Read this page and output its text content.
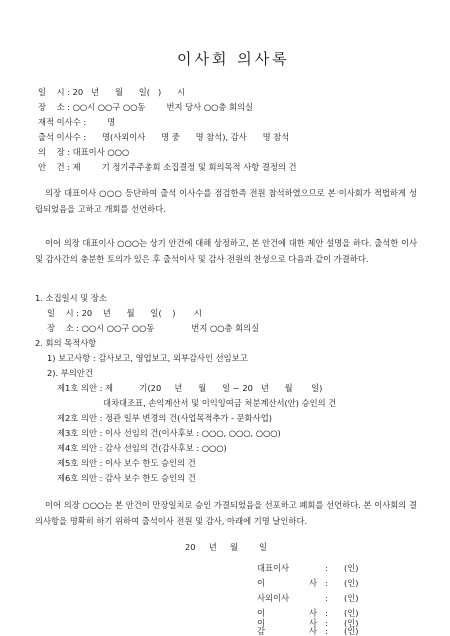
이사회 의사록
일    시 : 20   년      월      일(   )      시
장    소 : ○○시 ○○구 ○○동        번지 당사 ○○층 회의실
재적 이사수 :        명
출석 이사수 :      명(사외이사      명 중      명 참석), 감사      명 참석
의    장 : 대표이사 ○○○
안    건 : 제        기 정기주주총회 소집결정 및 회의목적 사항 결정의 건
의장 대표이사 ○○○ 등단하여 출석 이사수를 점검한즉 전원 참석하였으므로 본 이사회가 적법하게 성립되었음을 고하고 개회를 선언하다.
이어 의장 대표이사 ○○○는 상기 안건에 대해 상정하고, 본 안건에 대한 제안 설명을 하다. 출석한 이사 및 감사간의 충분한 토의가 있은 후 출석이사 및 감사 전원의 찬성으로 다음과 같이 가결하다.
1. 소집일시 및 장소
일    시 : 20    년      월      일(    )       시
장    소 : ○○시 ○○구 ○○동              번지 ○○층 회의실
2. 회의 목적사항
1) 보고사항 : 감사보고, 영업보고, 외부감사인 선임보고
2). 부의안건
제1호 의안 : 제          기(20     년      월      일 ~ 20   년      월       일)
대차대조표, 손익계산서 및 이익잉여금 처분계산서(안) 승인의 건
제2호 의안 : 정관 일부 변경의 건(사업목적추가 - 문화사업)
제3호 의안 : 이사 선임의 건(이사후보 : ○○○, ○○○, ○○○)
제4호 의안 : 감사 선임의 건(감사후보 : ○○○)
제5호 의안 : 이사 보수 한도 승인의 건
제6호 의안 : 감사 보수 한도 승인의 건
이어 의장 ○○○는 본 안건이 만장일치로 승인 가결되었음을 선포하고 폐회를 선언하다. 본 이사회의 결의사항을 명확히 하기 위하여 출석이사 전원 및 감사, 아래에 기명 날인하다.
20     년     월        일
대표이사	: (인)
이 사 : (인)
사외이사	: (인)
이 사 : (인)
이 사 : (인)
감 사 : (인)
